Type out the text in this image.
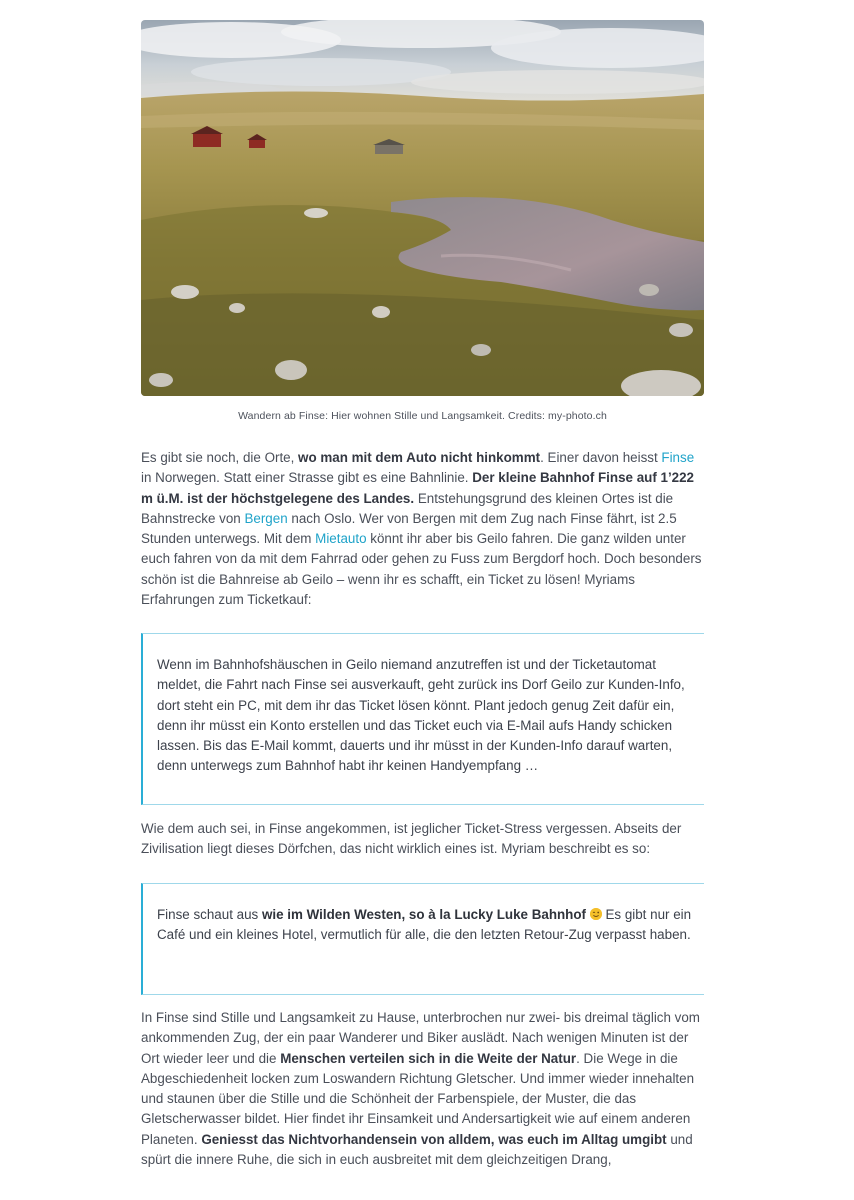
Wandern ab Finse: Hier wohnen Stille und Langsamkeit. Credits: my-photo.ch

Es gibt sie noch, die Orte, wo man mit dem Auto nicht hinkommt. Einer davon heisst Finse in Norwegen. Statt einer Strasse gibt es eine Bahnlinie. Der kleine Bahnhof Finse auf 1’222 m ü.M. ist der höchstgelegene des Landes. Entstehungsgrund des kleinen Ortes ist die Bahnstrecke von Bergen nach Oslo. Wer von Bergen mit dem Zug nach Finse fährt, ist 2.5 Stunden unterwegs. Mit dem Mietauto könnt ihr aber bis Geilo fahren. Die ganz wilden unter euch fahren von da mit dem Fahrrad oder gehen zu Fuss zum Bergdorf hoch. Doch besonders schön ist die Bahnreise ab Geilo – wenn ihr es schafft, ein Ticket zu lösen! Myriams Erfahrungen zum Ticketkauf:

Wenn im Bahnhofshäuschen in Geilo niemand anzutreffen ist und der Ticketautomat meldet, die Fahrt nach Finse sei ausverkauft, geht zurück ins Dorf Geilo zur Kunden-Info, dort steht ein PC, mit dem ihr das Ticket lösen könnt. Plant jedoch genug Zeit dafür ein, denn ihr müsst ein Konto erstellen und das Ticket euch via E-Mail aufs Handy schicken lassen. Bis das E-Mail kommt, dauerts und ihr müsst in der Kunden-Info darauf warten, denn unterwegs zum Bahnhof habt ihr keinen Handyempfang …

Wie dem auch sei, in Finse angekommen, ist jeglicher Ticket-Stress vergessen. Abseits der Zivilisation liegt dieses Dörfchen, das nicht wirklich eines ist. Myriam beschreibt es so:

Finse schaut aus wie im Wilden Westen, so à la Lucky Luke Bahnhof
Es gibt nur ein Café und ein kleines Hotel, vermutlich für alle, die den letzten Retour-Zug verpasst haben.

In Finse sind Stille und Langsamkeit zu Hause, unterbrochen nur zwei- bis dreimal täglich vom ankommenden Zug, der ein paar Wanderer und Biker auslädt. Nach wenigen Minuten ist der Ort wieder leer und die Menschen verteilen sich in die Weite der Natur. Die Wege in die Abgeschiedenheit locken zum Loswandern Richtung Gletscher. Und immer wieder innehalten und staunen über die Stille und die Schönheit der Farbenspiele, der Muster, die das Gletscherwasser bildet. Hier findet ihr Einsamkeit und Andersartigkeit wie auf einem anderen Planeten. Geniesst das Nichtvorhandensein von alldem, was euch im Alltag umgibt und spürt die innere Ruhe, die sich in euch ausbreitet mit dem gleichzeitigen Drang,
